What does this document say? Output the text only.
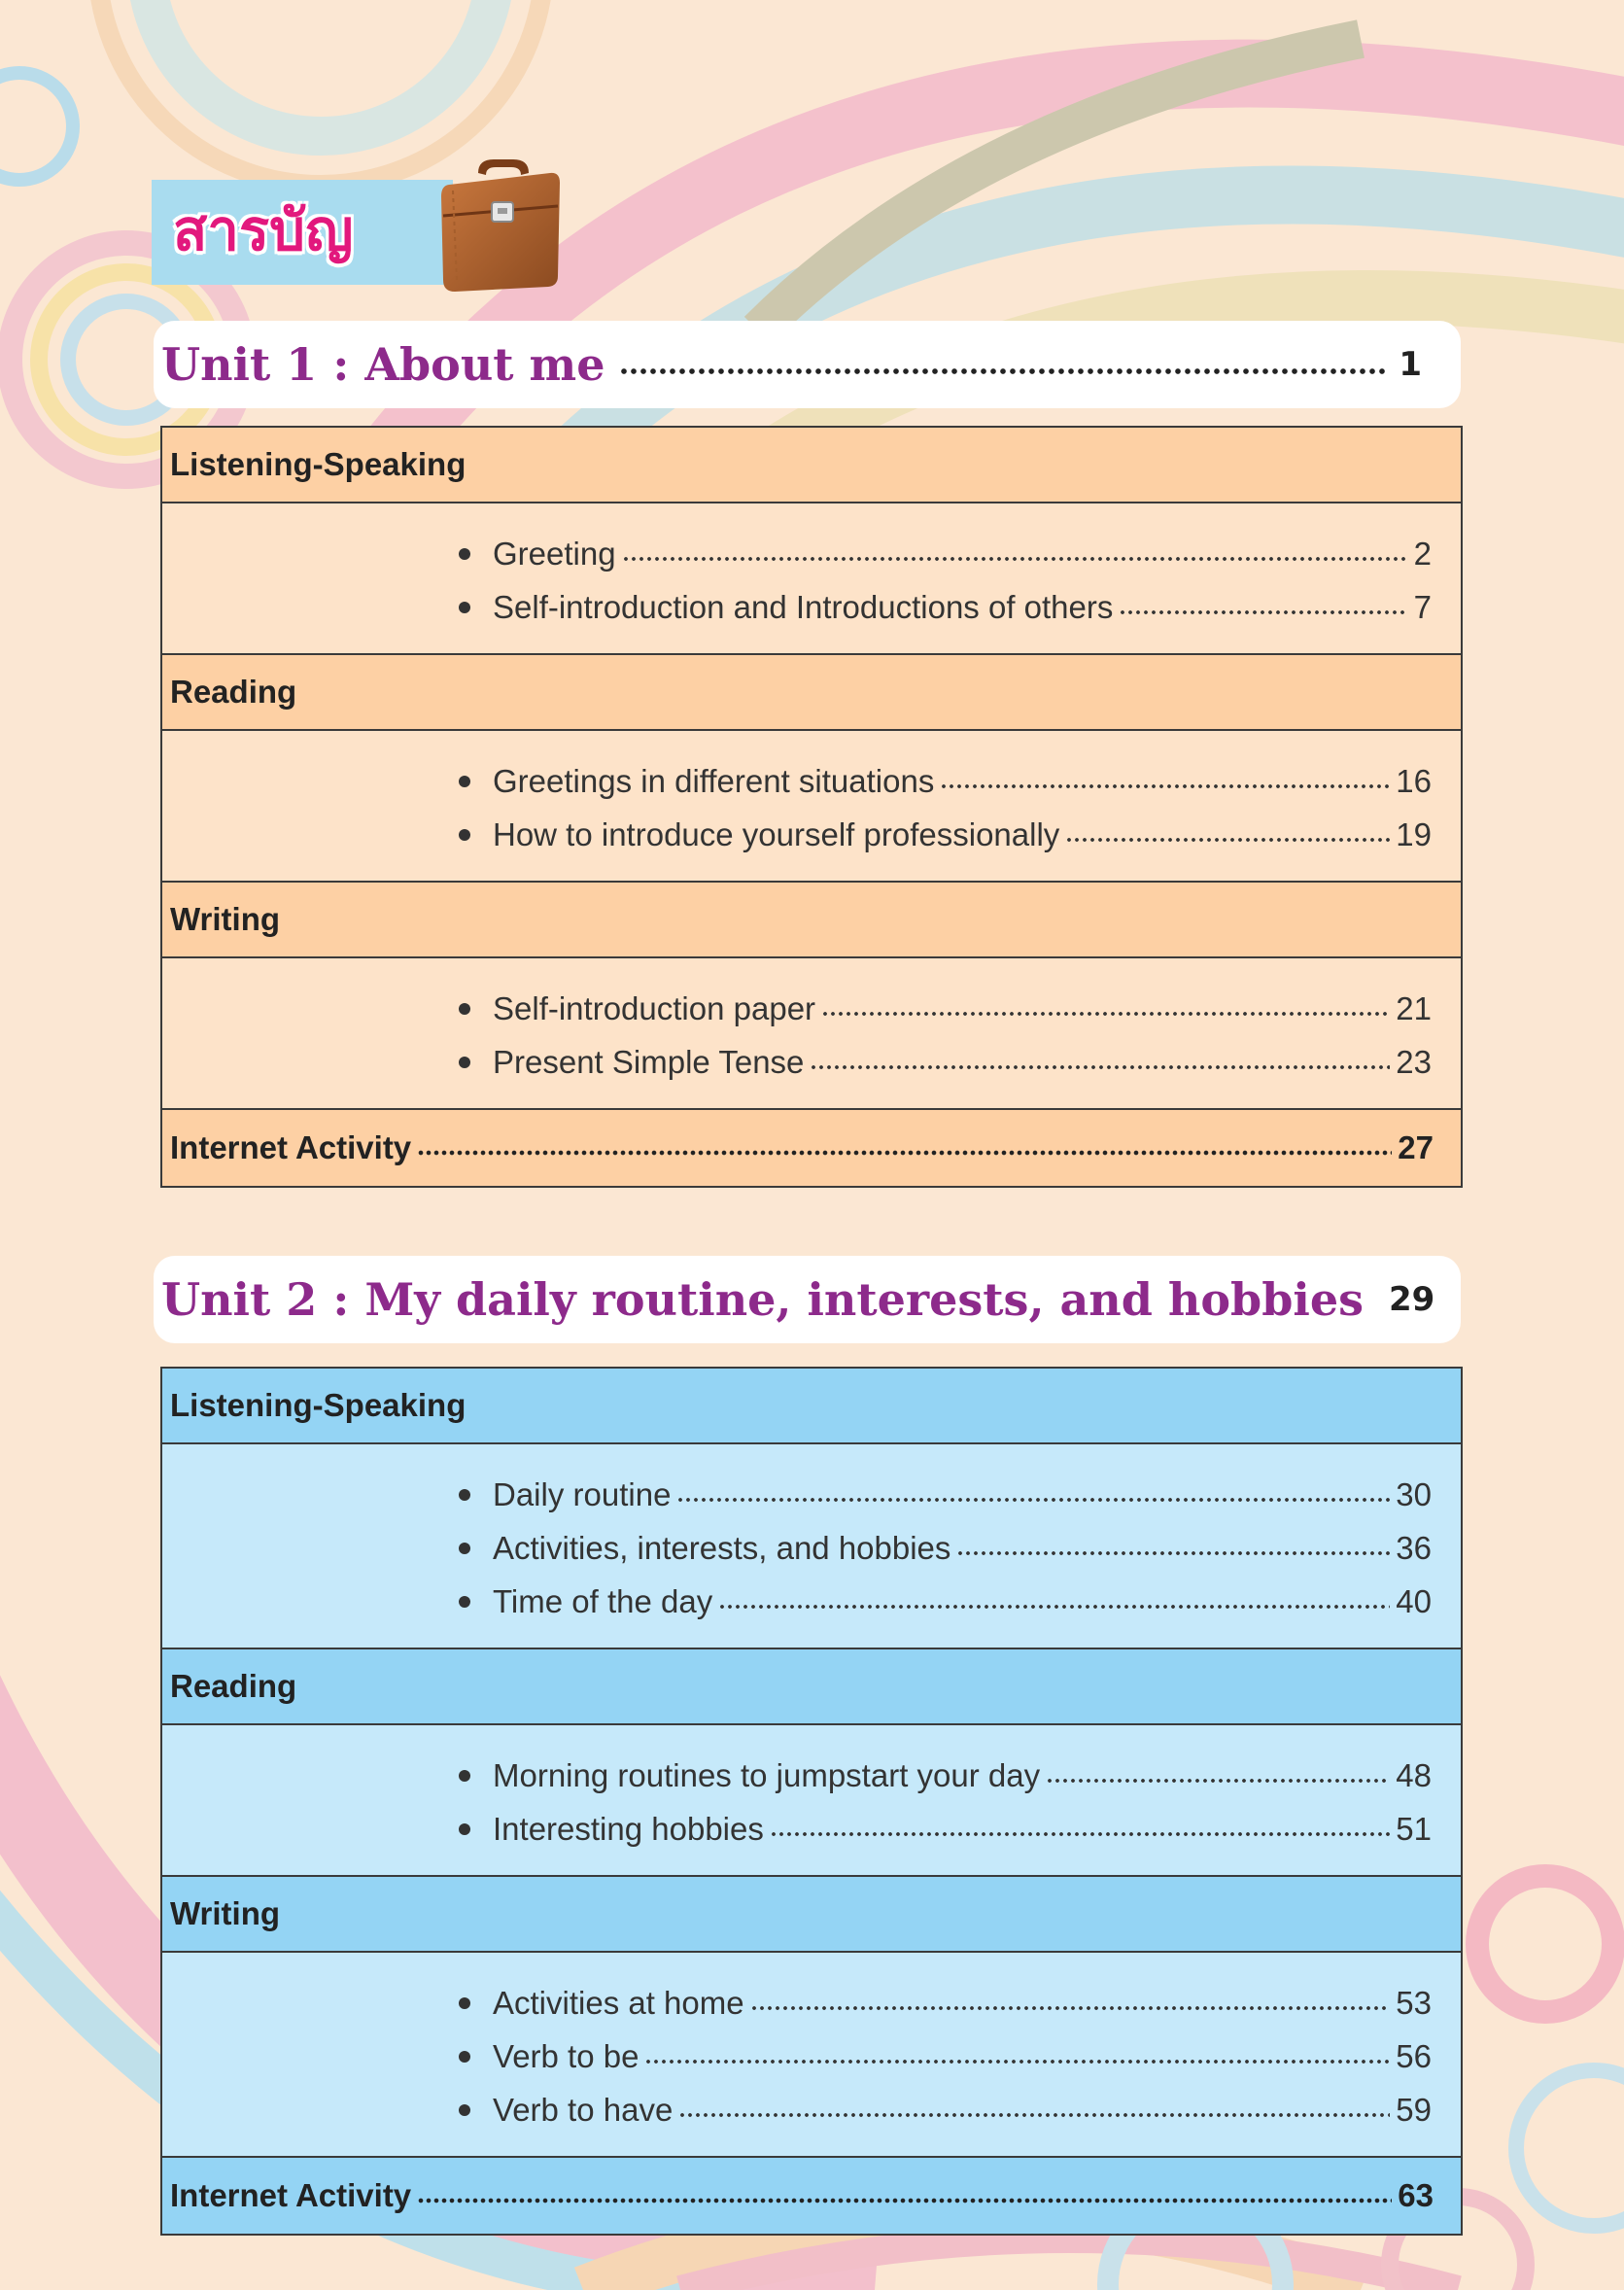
สารบัญ
Unit 1 : About me	1
Listening-Speaking
Greeting	2
Self-introduction and Introductions of others	7
Reading
Greetings in different situations	16
How to introduce yourself professionally	19
Writing
Self-introduction paper	21
Present Simple Tense	23
Internet Activity	27
Unit 2 : My daily routine, interests, and hobbies 29
Listening-Speaking
Daily routine	30
Activities, interests, and hobbies	36
Time of the day	40
Reading
Morning routines to jumpstart your day	48
Interesting hobbies	51
Writing
Activities at home	53
Verb to be	56
Verb to have	59
Internet Activity	63
